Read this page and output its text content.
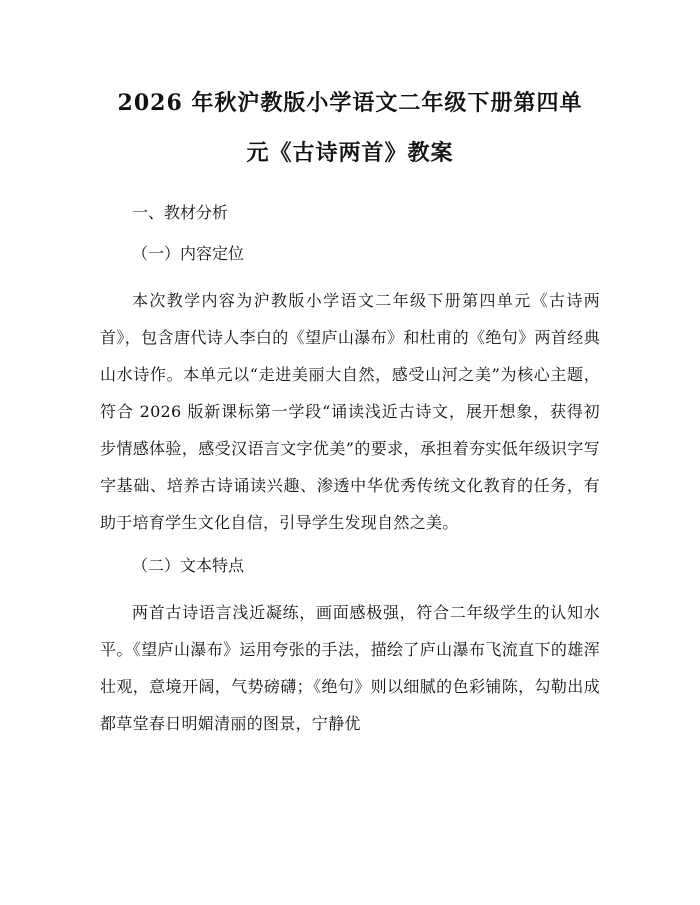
2026 年秋沪教版小学语文二年级下册第四单
元《古诗两首》教案

一、教材分析

（一）内容定位

本次教学内容为沪教版小学语文二年级下册第四单元《古诗两首》，包含唐代诗人李白的《望庐山瀑布》和杜甫的《绝句》两首经典山水诗作。本单元以“走进美丽大自然，感受山河之美”为核心主题，符合 2026 版新课标第一学段“诵读浅近古诗文，展开想象，获得初步情感体验，感受汉语言文字优美”的要求，承担着夯实低年级识字写字基础、培养古诗诵读兴趣、渗透中华优秀传统文化教育的任务，有助于培育学生文化自信，引导学生发现自然之美。

（二）文本特点

两首古诗语言浅近凝练，画面感极强，符合二年级学生的认知水平。《望庐山瀑布》运用夸张的手法，描绘了庐山瀑布飞流直下的雄浑壮观，意境开阔，气势磅礴；《绝句》则以细腻的色彩铺陈，勾勒出成都草堂春日明媚清丽的图景，宁静优
